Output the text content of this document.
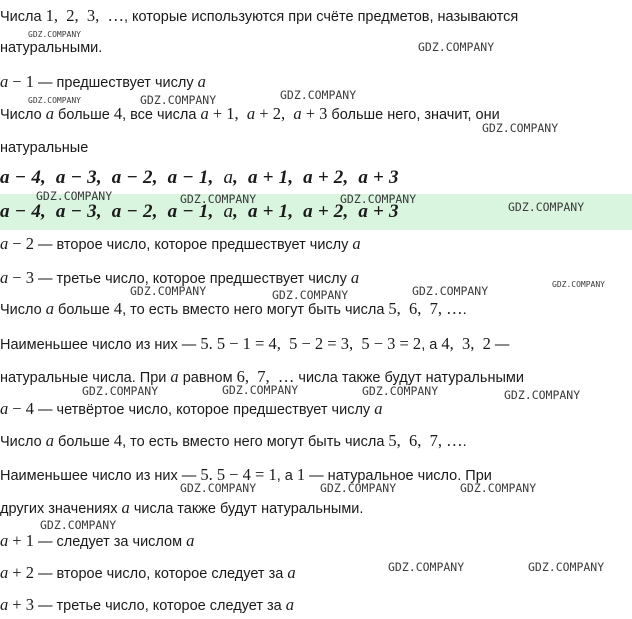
Числа 1,  2,  3,  …, которые используются при счёте предметов, называются
натуральными.
a − 1 — предшествует числу a
Число a больше 4, все числа a + 1,  a + 2,  a + 3 больше него, значит, они
натуральные
a − 4,  a − 3,  a − 2,  a − 1,  a,  a + 1,  a + 2,  a + 3
a − 4,  a − 3,  a − 2,  a − 1,  a,  a + 1,  a + 2,  a + 3
a − 2 — второе число, которое предшествует числу a
a − 3 — третье число, которое предшествует числу a
Число a больше 4, то есть вместо него могут быть числа 5,  6,  7, ….
Наименьшее число из них — 5. 5 − 1 = 4,  5 − 2 = 3,  5 − 3 = 2, а 4,  3,  2 —
натуральные числа. При a равном 6,  7,  … числа также будут натуральными
a − 4 — четвёртое число, которое предшествует числу a
Число a больше 4, то есть вместо него могут быть числа 5,  6,  7, ….
Наименьшее число из них — 5. 5 − 4 = 1, а 1 — натуральное число. При
других значениях a числа также будут натуральными.
a + 1 — следует за числом a
a + 2 — второе число, которое следует за a
a + 3 — третье число, которое следует за a
GDZ.COMPANY
GDZ.COMPANY
GDZ.COMPANY	GDZ.COMPANY	GDZ.COMPANY
GDZ.COMPANY
GDZ.COMPANY	GDZ.COMPANY	GDZ.COMPANY
GDZ.COMPANY
GDZ.COMPANY	GDZ.COMPANY	GDZ.COMPANY	GDZ.COMPANY
GDZ.COMPANY	GDZ.COMPANY	GDZ.COMPANY	GDZ.COMPANY
GDZ.COMPANY	GDZ.COMPANY	GDZ.COMPANY
GDZ.COMPANY
GDZ.COMPANY	GDZ.COMPANY
